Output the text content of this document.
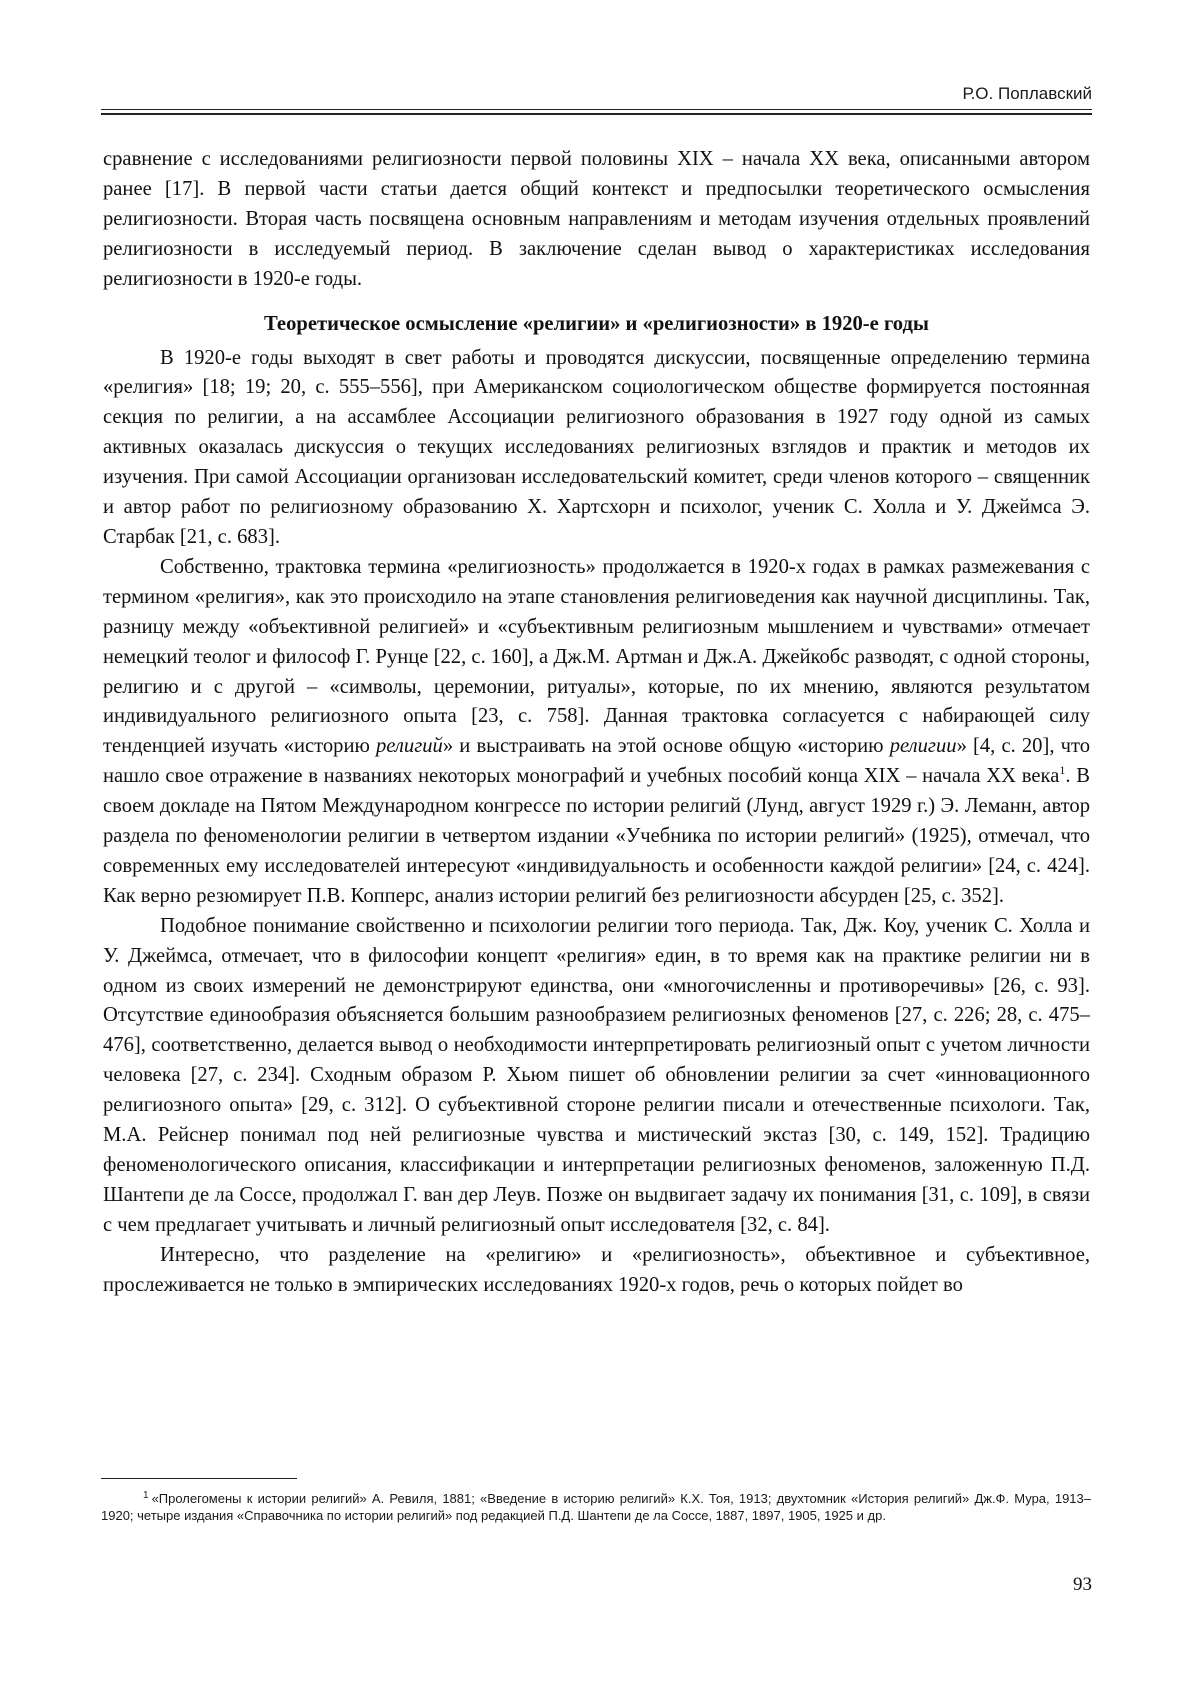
Р.О. Поплавский

сравнение с исследованиями религиозности первой половины XIX – начала XX века, описанными автором ранее [17]. В первой части статьи дается общий контекст и предпосылки теоретического осмысления религиозности. Вторая часть посвящена основным направлениям и методам изучения отдельных проявлений религиозности в исследуемый период. В заключение сделан вывод о характеристиках исследования религиозности в 1920-е годы.

Теоретическое осмысление «религии» и «религиозности» в 1920-е годы

В 1920-е годы выходят в свет работы и проводятся дискуссии, посвященные определению термина «религия» [18; 19; 20, с. 555–556], при Американском социологическом обществе формируется постоянная секция по религии, а на ассамблее Ассоциации религиозного образования в 1927 году одной из самых активных оказалась дискуссия о текущих исследованиях религиозных взглядов и практик и методов их изучения. При самой Ассоциации организован исследовательский комитет, среди членов которого – священник и автор работ по религиозному образованию Х. Хартсхорн и психолог, ученик С. Холла и У. Джеймса Э. Старбак [21, с. 683].

Собственно, трактовка термина «религиозность» продолжается в 1920-х годах в рамках размежевания с термином «религия», как это происходило на этапе становления религиоведения как научной дисциплины. Так, разницу между «объективной религией» и «субъективным религиозным мышлением и чувствами» отмечает немецкий теолог и философ Г. Рунце [22, с. 160], а Дж.М. Артман и Дж.А. Джейкобс разводят, с одной стороны, религию и с другой – «символы, церемонии, ритуалы», которые, по их мнению, являются результатом индивидуального религиозного опыта [23, с. 758]. Данная трактовка согласуется с набирающей силу тенденцией изучать «историю религий» и выстраивать на этой основе общую «историю религии» [4, с. 20], что нашло свое отражение в названиях некоторых монографий и учебных пособий конца XIX – начала XX века$^1$. В своем докладе на Пятом Международном конгрессе по истории религий (Лунд, август 1929 г.) Э. Леманн, автор раздела по феноменологии религии в четвертом издании «Учебника по истории религий» (1925), отмечал, что современных ему исследователей интересуют «индивидуальность и особенности каждой религии» [24, с. 424]. Как верно резюмирует П.В. Копперс, анализ истории религий без религиозности абсурден [25, с. 352].

Подобное понимание свойственно и психологии религии того периода. Так, Дж. Коу, ученик С. Холла и У. Джеймса, отмечает, что в философии концепт «религия» един, в то время как на практике религии ни в одном из своих измерений не демонстрируют единства, они «многочисленны и противоречивы» [26, с. 93]. Отсутствие единообразия объясняется большим разнообразием религиозных феноменов [27, с. 226; 28, с. 475–476], соответственно, делается вывод о необходимости интерпретировать религиозный опыт с учетом личности человека [27, с. 234]. Сходным образом Р. Хьюм пишет об обновлении религии за счет «инновационного религиозного опыта» [29, с. 312]. О субъективной стороне религии писали и отечественные психологи. Так, М.А. Рейснер понимал под ней религиозные чувства и мистический экстаз [30, с. 149, 152]. Традицию феноменологического описания, классификации и интерпретации религиозных феноменов, заложенную П.Д. Шантепи де ла Соссе, продолжал Г. ван дер Леув. Позже он выдвигает задачу их понимания [31, с. 109], в связи с чем предлагает учитывать и личный религиозный опыт исследователя [32, с. 84].

Интересно, что разделение на «религию» и «религиозность», объективное и субъективное, прослеживается не только в эмпирических исследованиях 1920-х годов, речь о которых пойдет во

$^1$ «Пролегомены к истории религий» А. Ревиля, 1881; «Введение в историю религий» К.Х. Тоя, 1913; двухтомник «История религий» Дж.Ф. Мура, 1913–1920; четыре издания «Справочника по истории религий» под редакцией П.Д. Шантепи де ла Соссе, 1887, 1897, 1905, 1925 и др.
93
